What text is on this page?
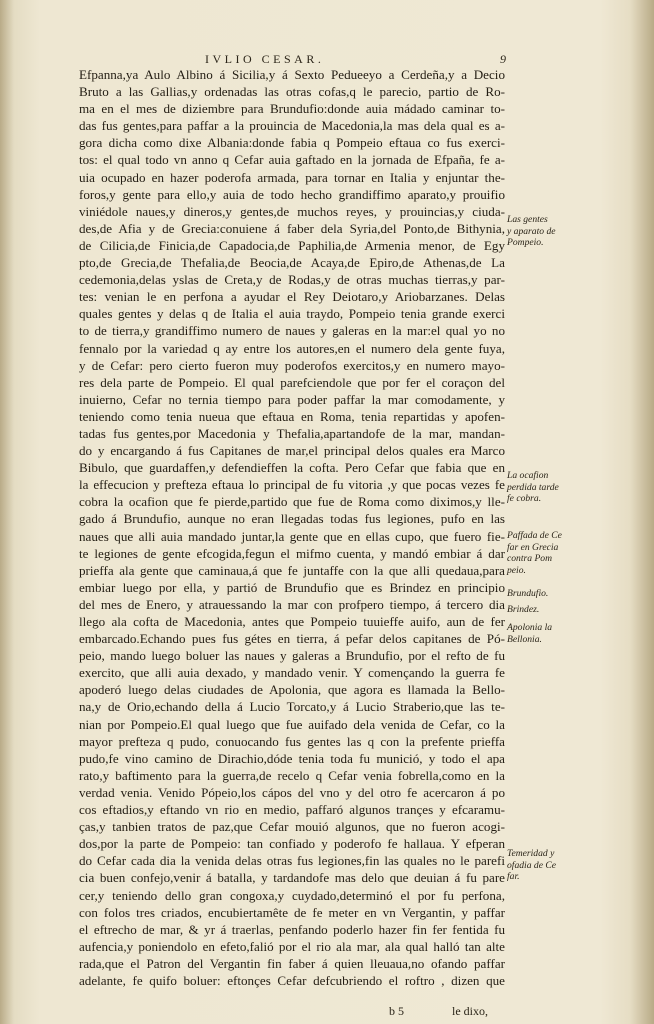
IVLIO CESAR.	9
Efpanna,ya Aulo Albino á Sicilia,y á Sexto Pedueeyo a Cerdeña,y a Decio
Bruto a las Gallias,y ordenadas las otras cofas,q le parecio, partio de Ro-
ma en el mes de diziembre para Brundufio:donde auia mádado caminar to-
das fus gentes,para paffar a la prouincia de Macedonia,la mas dela qual es a-
gora dicha como dixe Albania:donde fabia q Pompeio eftaua co fus exerci-
tos: el qual todo vn anno q Cefar auia gaftado en la jornada de Efpaña, fe a-
uia ocupado en hazer poderofa armada, para tornar en Italia y enjuntar the-
foros,y gente para ello,y auia de todo hecho grandiffimo aparato,y prouifio
viniédole naues,y dineros,y gentes,de muchos reyes, y prouincias,y ciuda-
des,de Afia y de Grecia:conuiene á faber dela Syria,del Ponto,de Bithynia,
de Cilicia,de Finicia,de Capadocia,de Paphilia,de Armenia menor, de Egy
pto,de Grecia,de Thefalia,de Beocia,de Acaya,de Epiro,de Athenas,de La
cedemonia,delas yslas de Creta,y de Rodas,y de otras muchas tierras,y par-
tes: venian le en perfona a ayudar el Rey Deiotaro,y Ariobarzanes. Delas
quales gentes y delas q de Italia el auia traydo, Pompeio tenia grande exerci
to de tierra,y grandiffimo numero de naues y galeras en la mar:el qual yo no
fennalo por la variedad q ay entre los autores,en el numero dela gente fuya,
y de Cefar: pero cierto fueron muy poderofos exercitos,y en numero mayo-
res dela parte de Pompeio. El qual parefciendole que por fer el coraçon del
inuierno, Cefar no ternia tiempo para poder paffar la mar comodamente, y
teniendo como tenia nueua que eftaua en Roma, tenia repartidas y apofen-
tadas fus gentes,por Macedonia y Thefalia,apartandofe de la mar, mandan-
do y encargando á fus Capitanes de mar,el principal delos quales era Marco
Bibulo, que guardaffen,y defendieffen la cofta. Pero Cefar que fabia que en
la effecucion y prefteza eftaua lo principal de fu vitoria ,y que pocas vezes fe
cobra la ocafion que fe pierde,partido que fue de Roma como diximos,y lle-
gado á Brundufio, aunque no eran llegadas todas fus legiones, pufo en las
naues que alli auia mandado juntar,la gente que en ellas cupo, que fuero fie-
te legiones de gente efcogida,fegun el mifmo cuenta, y mandó embiar á dar
prieffa ala gente que caminaua,á que fe juntaffe con la que alli quedaua,para
embiar luego por ella, y partió de Brundufio que es Brindez en principio
del mes de Enero, y atrauessando la mar con profpero tiempo, á tercero dia
llego ala cofta de Macedonia, antes que Pompeio tuuieffe auifo, aun de fer
embarcado.Echando pues fus gétes en tierra, á pefar delos capitanes de Pó-
peio, mando luego boluer las naues y galeras a Brundufio, por el refto de fu
exercito, que alli auia dexado, y mandado venir. Y començando la guerra fe
apoderó luego delas ciudades de Apolonia, que agora es llamada la Bello-
na,y de Orio,echando della á Lucio Torcato,y á Lucio Straberio,que las te-
nian por Pompeio.El qual luego que fue auifado dela venida de Cefar, co la
mayor prefteza q pudo, conuocando fus gentes las q con la prefente prieffa
pudo,fe vino camino de Dirachio,dóde tenia toda fu munició, y todo el apa
rato,y baftimento para la guerra,de recelo q Cefar venia fobrella,como en la
verdad venia. Venido Pópeio,los cápos del vno y del otro fe acercaron á po
cos eftadios,y eftando vn rio en medio, paffaró algunos trançes y efcaramu-
ças,y tanbien tratos de paz,que Cefar mouió algunos, que no fueron acogi-
dos,por la parte de Pompeio: tan confiado y poderofo fe hallaua. Y efperan
do Cefar cada dia la venida delas otras fus legiones,fin las quales no le parefi
cia buen confejo,venir á batalla, y tardandofe mas delo que deuian á fu pare
cer,y teniendo dello gran congoxa,y cuydado,determinó el por fu perfona,
con folos tres criados, encubiertamête de fe meter en vn Vergantin, y paffar
el eftrecho de mar, & yr á traerlas, penfando poderlo hazer fin fer fentida fu
aufencia,y poniendolo en efeto,falió por el rio ala mar, ala qual halló tan alte
rada,que el Patron del Vergantin fin faber á quien lleuaua,no ofando paffar
adelante, fe quifo boluer: eftonçes Cefar defcubriendo el roftro , dizen que
Las gentes
y aparato de
Pompeio.
La ocafion
perdida tarde
fe cobra.
Paffada de Ce
far en Grecia
contra Pom
peio.
Brundufio.
Brindez.
Apolonia la
Bellonia.
Temeridad y
ofadia de Ce
far.
b 5	le dixo,
